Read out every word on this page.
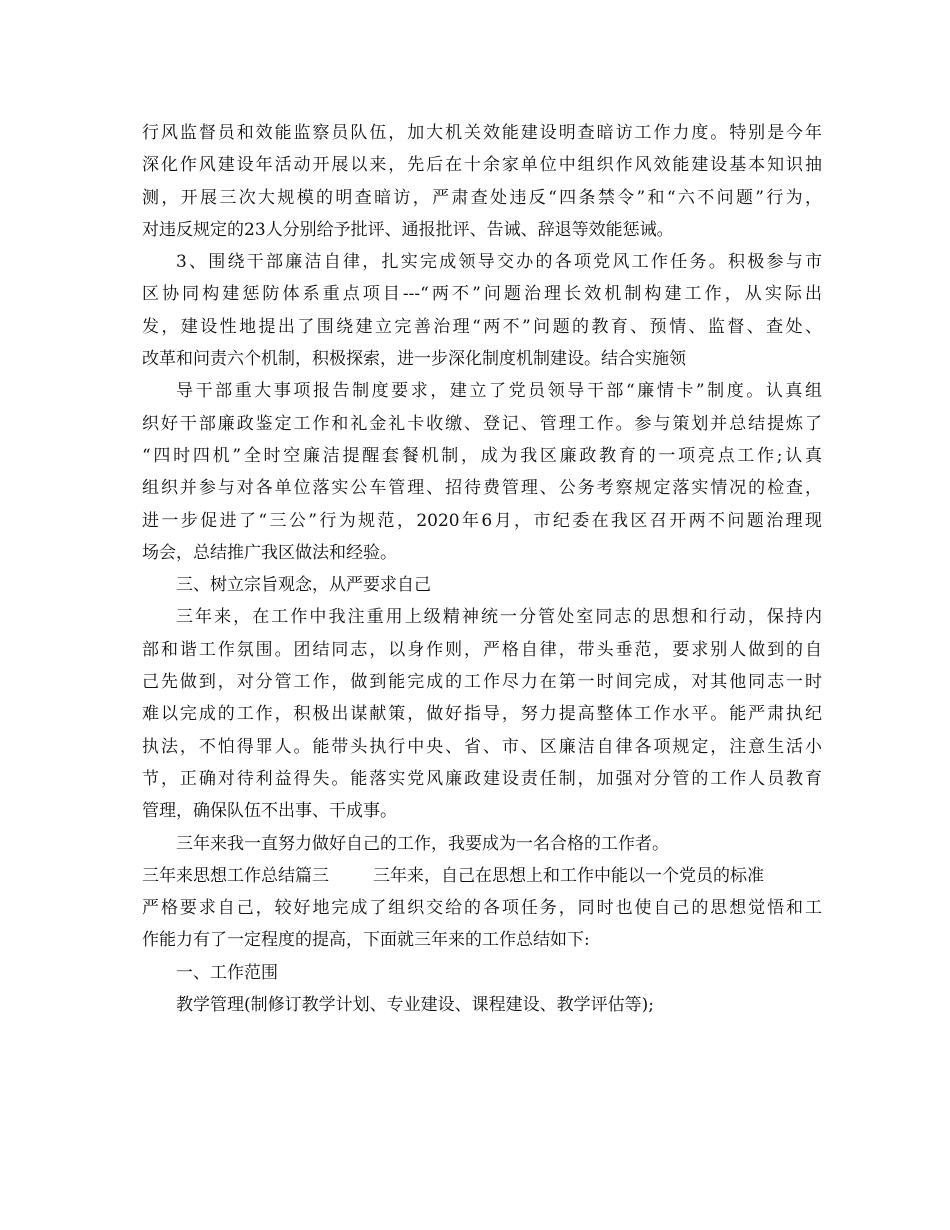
行风监督员和效能监察员队伍，加大机关效能建设明查暗访工作力度。特别是今年
深化作风建设年活动开展以来，先后在十余家单位中组织作风效能建设基本知识抽
测，开展三次大规模的明查暗访，严肃查处违反“四条禁令”和“六不问题”行为，
对违反规定的23人分别给予批评、通报批评、告诫、辞退等效能惩诫。
3、围绕干部廉洁自律，扎实完成领导交办的各项党风工作任务。积极参与市
区协同构建惩防体系重点项目---“两不”问题治理长效机制构建工作，从实际出
发，建设性地提出了围绕建立完善治理“两不”问题的教育、预情、监督、查处、
改革和问责六个机制，积极探索，进一步深化制度机制建设。结合实施领
导干部重大事项报告制度要求，建立了党员领导干部“廉情卡”制度。认真组
织好干部廉政鉴定工作和礼金礼卡收缴、登记、管理工作。参与策划并总结提炼了
“四时四机”全时空廉洁提醒套餐机制，成为我区廉政教育的一项亮点工作;认真
组织并参与对各单位落实公车管理、招待费管理、公务考察规定落实情况的检查，
进一步促进了“三公”行为规范，2020年6月，市纪委在我区召开两不问题治理现
场会，总结推广我区做法和经验。
三、树立宗旨观念，从严要求自己
三年来，在工作中我注重用上级精神统一分管处室同志的思想和行动，保持内
部和谐工作氛围。团结同志，以身作则，严格自律，带头垂范，要求别人做到的自
己先做到，对分管工作，做到能完成的工作尽力在第一时间完成，对其他同志一时
难以完成的工作，积极出谋献策，做好指导，努力提高整体工作水平。能严肃执纪
执法，不怕得罪人。能带头执行中央、省、市、区廉洁自律各项规定，注意生活小
节，正确对待利益得失。能落实党风廉政建设责任制，加强对分管的工作人员教育
管理，确保队伍不出事、干成事。
三年来我一直努力做好自己的工作，我要成为一名合格的工作者。
三年来思想工作总结篇三	三年来，自己在思想上和工作中能以一个党员的标准
严格要求自己，较好地完成了组织交给的各项任务，同时也使自己的思想觉悟和工
作能力有了一定程度的提高，下面就三年来的工作总结如下:
一、工作范围
教学管理(制修订教学计划、专业建设、课程建设、教学评估等);
